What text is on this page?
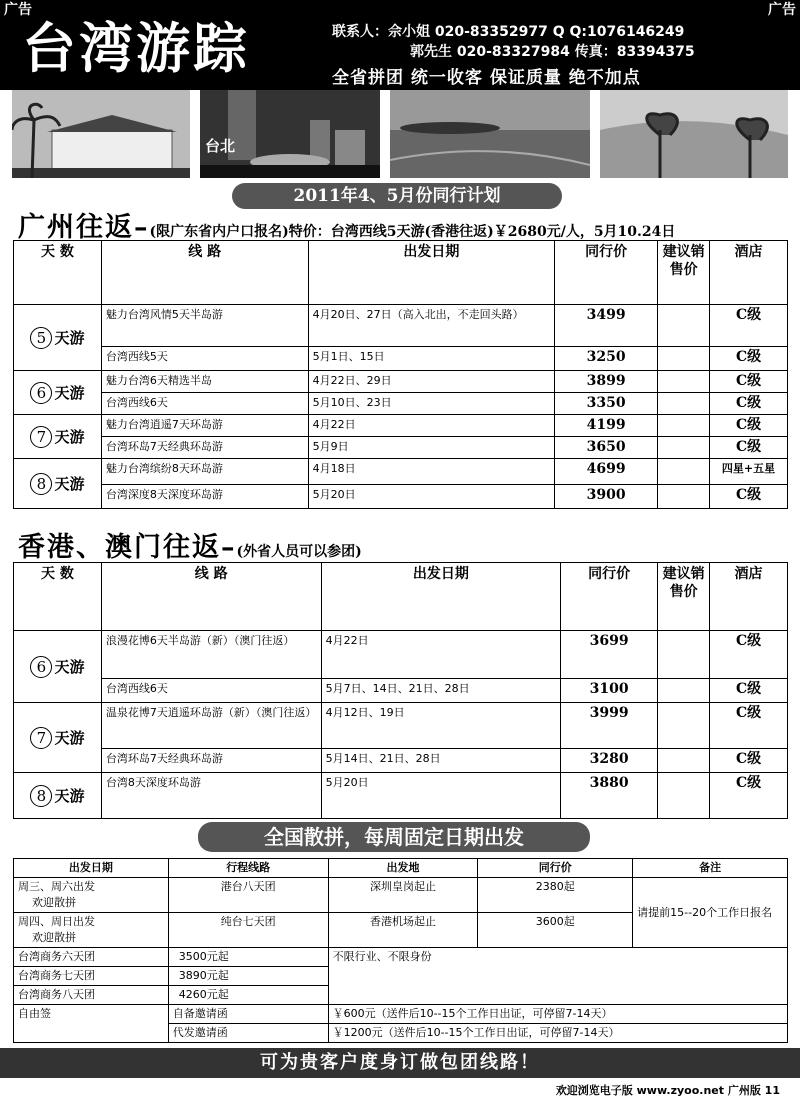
广告	广告
台湾游踪	联系人：佘小姐 020-83352977 Q Q:1076146249
郭先生 020-83327984 传真：83394375
全省拼团 统一收客 保证质量 绝不加点
台北
2011年4、5月份同行计划
广州往返–(限广东省内户口报名)特价：台湾西线5天游(香港往返)￥2680元/人，5月10.24日
天 数	线 路	出发日期	同行价	建议销售价	酒店
5 天游	魅力台湾风情5天半岛游	4月20日、27日（高入北出，不走回头路）	3499		C级
	台湾西线5天	5月1日、15日	3250		C级
6 天游	魅力台湾6天精选半岛	4月22日、29日	3899		C级
	台湾西线6天	5月10日、23日	3350		C级
7 天游	魅力台湾逍遥7天环岛游	4月22日	4199		C级
	台湾环岛7天经典环岛游	5月9日	3650		C级
8 天游	魅力台湾缤纷8天环岛游	4月18日	4699		四星+五星
	台湾深度8天深度环岛游	5月20日	3900		C级
香港、澳门往返–(外省人员可以参团)
天 数	线 路	出发日期	同行价	建议销售价	酒店
6 天游	浪漫花博6天半岛游（新）（澳门往返）	4月22日	3699		C级
	台湾西线6天	5月7日、14日、21日、28日	3100		C级
7 天游	温泉花博7天逍遥环岛游（新）（澳门往返）	4月12日、19日	3999		C级
	台湾环岛7天经典环岛游	5月14日、21日、28日	3280		C级
8 天游	台湾8天深度环岛游	5月20日	3880		C级
全国散拼，每周固定日期出发
出发日期	行程线路	出发地	同行价	备注

周三、周六出发
欢迎散拼	港台八天团	深圳皇岗起止	2380起	请提前15--20个工作日报名

周四、周日出发
欢迎散拼	纯台七天团	香港机场起止	3600起	
台湾商务六天团	3500元起	不限行业、不限身份		
台湾商务七天团	3890元起			
台湾商务八天团	4260元起			
自由签	自备邀请函	￥600元（送件后10--15个工作日出证，可停留7-14天）		
	代发邀请函	￥1200元（送件后10--15个工作日出证，可停留7-14天）		
可为贵客户度身订做包团线路！
欢迎浏览电子版 www.zyoo.net 广州版 11
